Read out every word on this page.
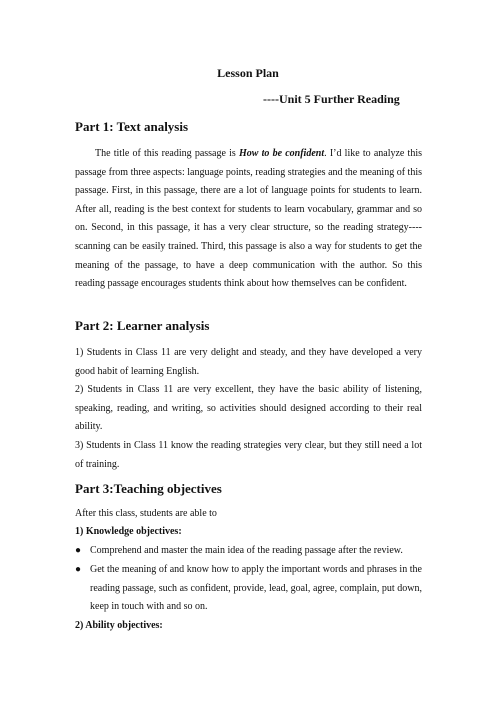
Lesson Plan
----Unit 5 Further Reading
Part 1: Text analysis

The title of this reading passage is How to be confident. I’d like to analyze this passage from three aspects: language points, reading strategies and the meaning of this passage. First, in this passage, there are a lot of language points for students to learn. After all, reading is the best context for students to learn vocabulary, grammar and so on. Second, in this passage, it has a very clear structure, so the reading strategy----scanning can be easily trained. Third, this passage is also a way for students to get the meaning of the passage, to have a deep communication with the author. So this reading passage encourages students think about how themselves can be confident.

Part 2: Learner analysis

1) Students in Class 11 are very delight and steady, and they have developed a very good habit of learning English.

2) Students in Class 11 are very excellent, they have the basic ability of listening, speaking, reading, and writing, so activities should designed according to their real ability.

3) Students in Class 11 know the reading strategies very clear, but they still need a lot of training.

Part 3:Teaching objectives

After this class, students are able to

1) Knowledge objectives:

● Comprehend and master the main idea of the reading passage after the review.
● Get the meaning of and know how to apply the important words and phrases in the reading passage, such as confident, provide, lead, goal, agree, complain, put down, keep in touch with and so on.

2) Ability objectives:
